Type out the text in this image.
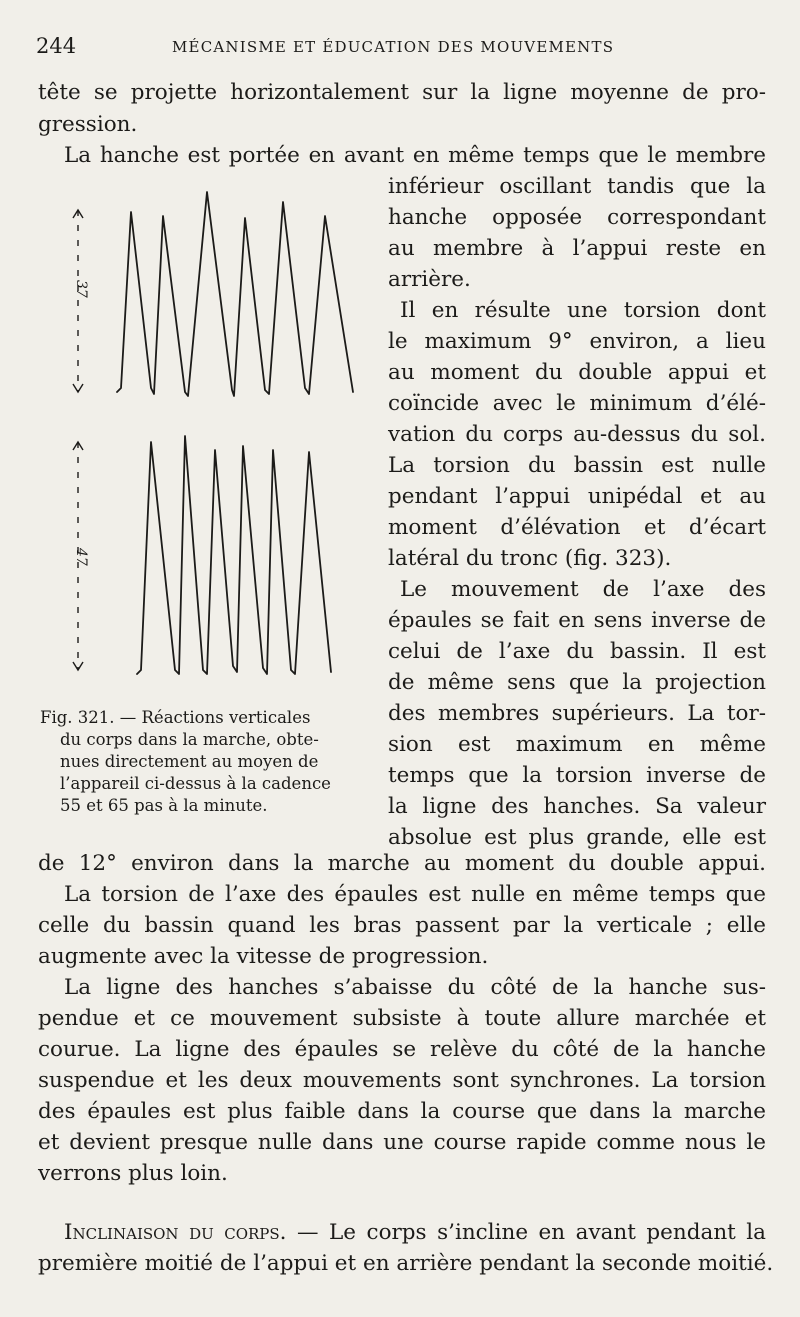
244	MÉCANISME ET ÉDUCATION DES MOUVEMENTS
tête se projette horizontalement sur la ligne moyenne de pro-
gression.
La hanche est portée en avant en même temps que le membre
inférieur oscillant tandis que la
hanche opposée correspondant
au membre à l’appui reste en
arrière.
Il en résulte une torsion dont
le maximum 9° environ, a lieu
au moment du double appui et
coïncide avec le minimum d’élé-
vation du corps au-dessus du sol.
La torsion du bassin est nulle
pendant l’appui unipédal et au
moment d’élévation et d’écart
latéral du tronc (fig. 323).
Le mouvement de l’axe des
épaules se fait en sens inverse de
celui de l’axe du bassin. Il est
de même sens que la projection
des membres supérieurs. La tor-
sion est maximum en même
temps que la torsion inverse de
la ligne des hanches. Sa valeur
absolue est plus grande, elle est
37
47
Fig. 321. — Réactions verticales
du corps dans la marche, obte-
nues directement au moyen de
l’appareil ci-dessus à la cadence
55 et 65 pas à la minute.
de 12° environ dans la marche au moment du double appui.
La torsion de l’axe des épaules est nulle en même temps que
celle du bassin quand les bras passent par la verticale ; elle
augmente avec la vitesse de progression.
La ligne des hanches s’abaisse du côté de la hanche sus-
pendue et ce mouvement subsiste à toute allure marchée et
courue. La ligne des épaules se relève du côté de la hanche
suspendue et les deux mouvements sont synchrones. La torsion
des épaules est plus faible dans la course que dans la marche
et devient presque nulle dans une course rapide comme nous le
verrons plus loin.
Inclinaison du corps. — Le corps s’incline en avant pendant la
première moitié de l’appui et en arrière pendant la seconde moitié.
